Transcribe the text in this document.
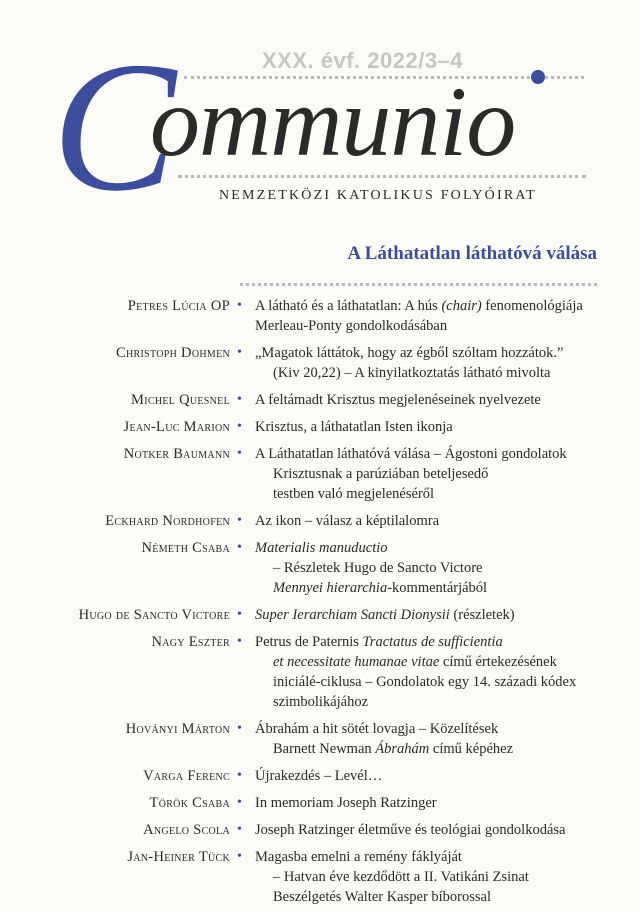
XXX. évf. 2022/3–4
C
ommunio
NEMZETKÖZI KATOLIKUS FOLYÓIRAT
A Láthatatlan láthatóvá válása
Petres Lúcia OP • A látható és a láthatatlan: A hús (chair) fenomenológiája
Merleau-Ponty gondolkodásában
Christoph Dohmen • „Magatok láttátok, hogy az égből szóltam hozzátok.”
(Kiv 20,22) – A kinyilatkoztatás látható mivolta
Michel Quesnel • A feltámadt Krisztus megjelenéseinek nyelvezete
Jean-Luc Marion • Krisztus, a láthatatlan Isten ikonja
Notker Baumann • A Láthatatlan láthatóvá válása – Ágostoni gondolatok
Krisztusnak a parúziában beteljesedő
testben való megjelenéséről
Eckhard Nordhofen • Az ikon – válasz a képtilalomra
Németh Csaba • Materialis manuductio
– Részletek Hugo de Sancto Victore
Mennyei hierarchia-kommentárjából
Hugo de Sancto Victore • Super Ierarchiam Sancti Dionysii (részletek)
Nagy Eszter • Petrus de Paternis Tractatus de sufficientia
et necessitate humanae vitae című értekezésének
iniciálé-ciklusa – Gondolatok egy 14. századi kódex
szimbolikájához
Hoványi Márton • Ábrahám a hit sötét lovagja – Közelítések
Barnett Newman Ábrahám című képéhez
Varga Ferenc • Újrakezdés – Levél…
Török Csaba • In memoriam Joseph Ratzinger
Angelo Scola • Joseph Ratzinger életműve és teológiai gondolkodása
Jan-Heiner Tück • Magasba emelni a remény fáklyáját
– Hatvan éve kezdődött a II. Vatikáni Zsinat
Beszélgetés Walter Kasper bíborossal
